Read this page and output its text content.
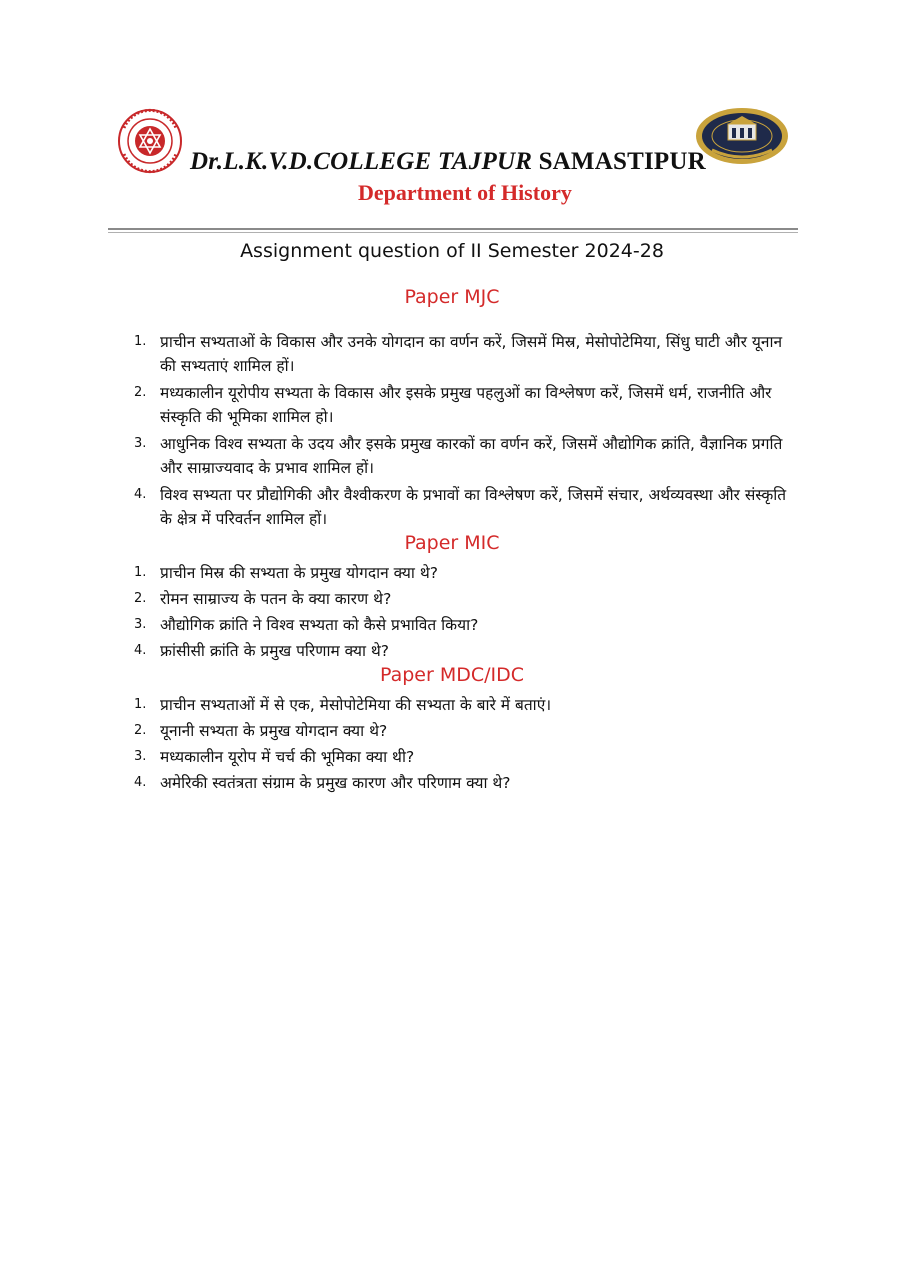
Dr.L.K.V.D.COLLEGE TAJPUR SAMASTIPUR
Department of History
Assignment question of II Semester 2024-28
Paper MJC
1. प्राचीन सभ्यताओं के विकास और उनके योगदान का वर्णन करें, जिसमें मिस्र, मेसोपोटेमिया, सिंधु घाटी और यूनान की सभ्यताएं शामिल हों।
2. मध्यकालीन यूरोपीय सभ्यता के विकास और इसके प्रमुख पहलुओं का विश्लेषण करें, जिसमें धर्म, राजनीति और संस्कृति की भूमिका शामिल हो।
3. आधुनिक विश्व सभ्यता के उदय और इसके प्रमुख कारकों का वर्णन करें, जिसमें औद्योगिक क्रांति, वैज्ञानिक प्रगति और साम्राज्यवाद के प्रभाव शामिल हों।
4. विश्व सभ्यता पर प्रौद्योगिकी और वैश्वीकरण के प्रभावों का विश्लेषण करें, जिसमें संचार, अर्थव्यवस्था और संस्कृति के क्षेत्र में परिवर्तन शामिल हों।
Paper MIC
1. प्राचीन मिस्र की सभ्यता के प्रमुख योगदान क्या थे?
2. रोमन साम्राज्य के पतन के क्या कारण थे?
3. औद्योगिक क्रांति ने विश्व सभ्यता को कैसे प्रभावित किया?
4. फ्रांसीसी क्रांति के प्रमुख परिणाम क्या थे?
Paper MDC/IDC
1. प्राचीन सभ्यताओं में से एक, मेसोपोटेमिया की सभ्यता के बारे में बताएं।
2. यूनानी सभ्यता के प्रमुख योगदान क्या थे?
3. मध्यकालीन यूरोप में चर्च की भूमिका क्या थी?
4. अमेरिकी स्वतंत्रता संग्राम के प्रमुख कारण और परिणाम क्या थे?
